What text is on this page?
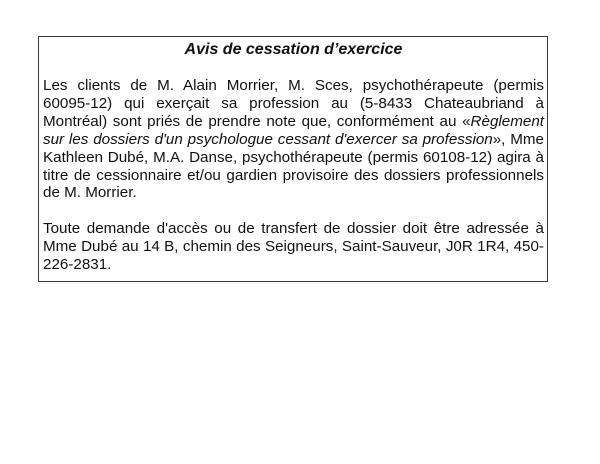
Avis de cessation d’exercice

Les clients de M. Alain Morrier, M. Sces, psychothérapeute (permis 60095-12) qui exerçait sa profession au (5-8433 Chateaubriand à Montréal) sont priés de prendre note que, conformément au «Règlement sur les dossiers d'un psychologue cessant d'exercer sa profession», Mme Kathleen Dubé, M.A. Danse, psychothérapeute (permis 60108-12) agira à titre de cessionnaire et/ou gardien provisoire des dossiers professionnels de M. Morrier.

Toute demande d'accès ou de transfert de dossier doit être adressée à Mme Dubé au 14 B, chemin des Seigneurs, Saint-Sauveur, J0R 1R4, 450-226-2831.
